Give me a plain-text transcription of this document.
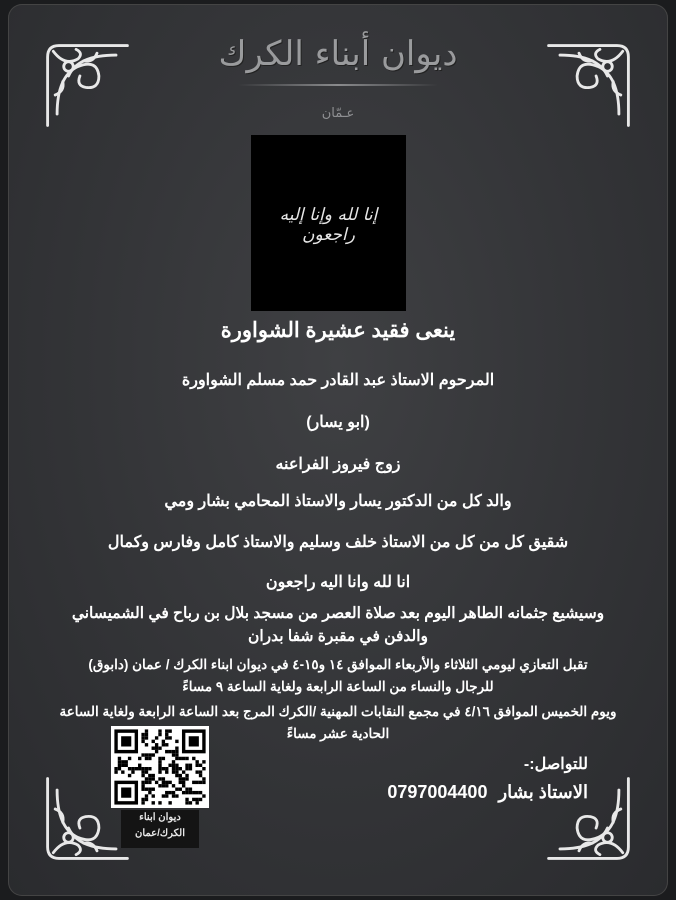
ديوان أبناء الكرك
عـمّان
إنا لله وإنا إليه راجعون
ينعى فقيد عشيرة الشواورة
المرحوم الاستاذ عبد القادر حمد مسلم الشواورة
(ابو يسار)
زوج فيروز الفراعنه
والد كل من الدكتور يسار والاستاذ المحامي بشار ومي
شقيق كل من كل من الاستاذ خلف وسليم والاستاذ كامل وفارس وكمال
انا لله وانا اليه راجعون
وسيشيع جثمانه الطاهر اليوم بعد صلاة العصر من مسجد بلال بن رباح في الشميساني
والدفن في مقبرة شفا بدران
تقبل التعازي ليومي الثلاثاء والأربعاء الموافق ١٤ و١٥-٤ في ديوان ابناء الكرك / عمان (دابوق)
للرجال والنساء من الساعة الرابعة ولغاية الساعة ٩ مساءً
ويوم الخميس الموافق ٤/١٦ في مجمع النقابات المهنية /الكرك المرج بعد الساعة الرابعة ولغاية الساعة
الحادية عشر مساءً
للتواصل:-
الاستاذ بشار 0797004400
ديوان ابناء
الكرك/عمان
